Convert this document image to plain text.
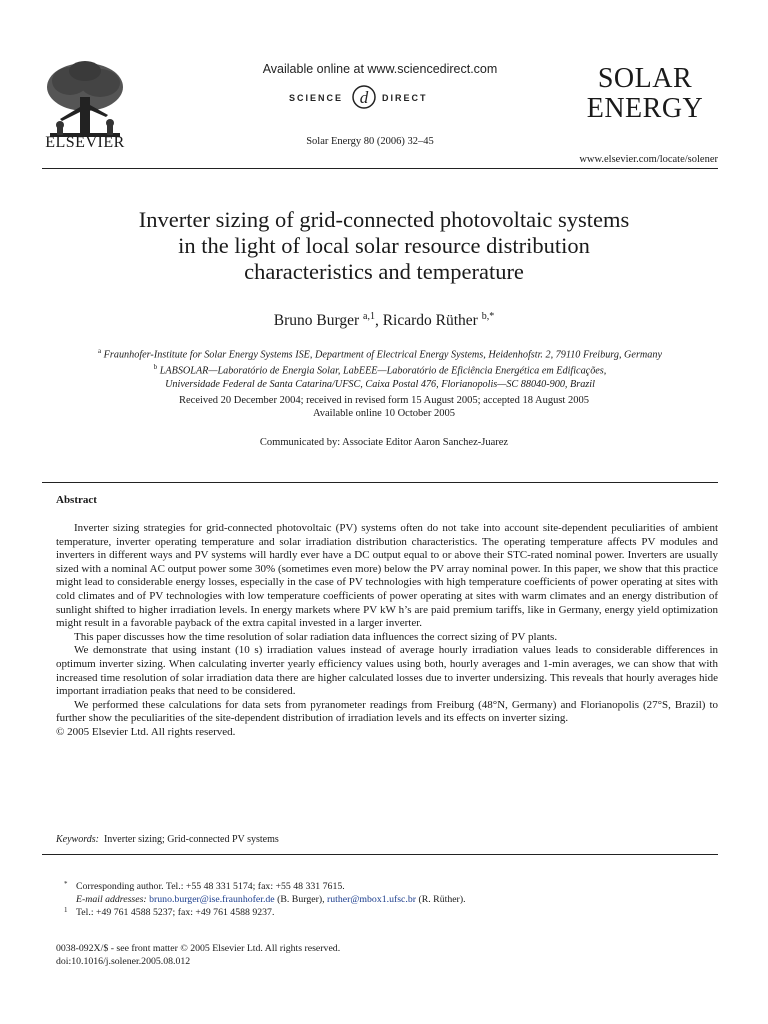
ELSEVIER
Available online at www.sciencedirect.com
SCIENCE d DIRECT
Solar Energy 80 (2006) 32–45
SOLAR
ENERGY
www.elsevier.com/locate/solener
Inverter sizing of grid-connected photovoltaic systems
in the light of local solar resource distribution
characteristics and temperature
Bruno Burger $^{a,1}$, Ricardo Rüther $^{b,*}$
$^a$ Fraunhofer-Institute for Solar Energy Systems ISE, Department of Electrical Energy Systems, Heidenhofstr. 2, 79110 Freiburg, Germany
$^b$ LABSOLAR—Laboratório de Energia Solar, LabEEE—Laboratório de Eficiência Energética em Edificações,
Universidade Federal de Santa Catarina/UFSC, Caixa Postal 476, Florianopolis—SC 88040-900, Brazil
Received 20 December 2004; received in revised form 15 August 2005; accepted 18 August 2005
Available online 10 October 2005
Communicated by: Associate Editor Aaron Sanchez-Juarez
Abstract

Inverter sizing strategies for grid-connected photovoltaic (PV) systems often do not take into account site-dependent peculiarities of ambient temperature, inverter operating temperature and solar irradiation distribution characteristics. The operating temperature affects PV modules and inverters in different ways and PV systems will hardly ever have a DC output equal to or above their STC-rated nominal power. Inverters are usually sized with a nominal AC output power some 30% (sometimes even more) below the PV array nominal power. In this paper, we show that this practice might lead to considerable energy losses, especially in the case of PV technologies with high temperature coefficients of power operating at sites with cold climates and of PV technologies with low temperature coefficients of power operating at sites with warm climates and an energy distribution of sunlight shifted to higher irradiation levels. In energy markets where PV kW h’s are paid premium tariffs, like in Germany, energy yield optimization might result in a favorable payback of the extra capital invested in a larger inverter.

This paper discusses how the time resolution of solar radiation data influences the correct sizing of PV plants.

We demonstrate that using instant (10 s) irradiation values instead of average hourly irradiation values leads to considerable differences in optimum inverter sizing. When calculating inverter yearly efficiency values using both, hourly averages and 1-min averages, we can show that with increased time resolution of solar irradiation data there are higher calculated losses due to inverter undersizing. This reveals that hourly averages hide important irradiation peaks that need to be considered.

We performed these calculations for data sets from pyranometer readings from Freiburg (48°N, Germany) and Florianopolis (27°S, Brazil) to further show the peculiarities of the site-dependent distribution of irradiation levels and its effects on inverter sizing.

© 2005 Elsevier Ltd. All rights reserved.

Keywords: Inverter sizing; Grid-connected PV systems
* Corresponding author. Tel.: +55 48 331 5174; fax: +55 48 331 7615.
E-mail addresses: bruno.burger@ise.fraunhofer.de (B. Burger), ruther@mbox1.ufsc.br (R. Rüther).
1 Tel.: +49 761 4588 5237; fax: +49 761 4588 9237.
0038-092X/$ - see front matter © 2005 Elsevier Ltd. All rights reserved.
doi:10.1016/j.solener.2005.08.012
